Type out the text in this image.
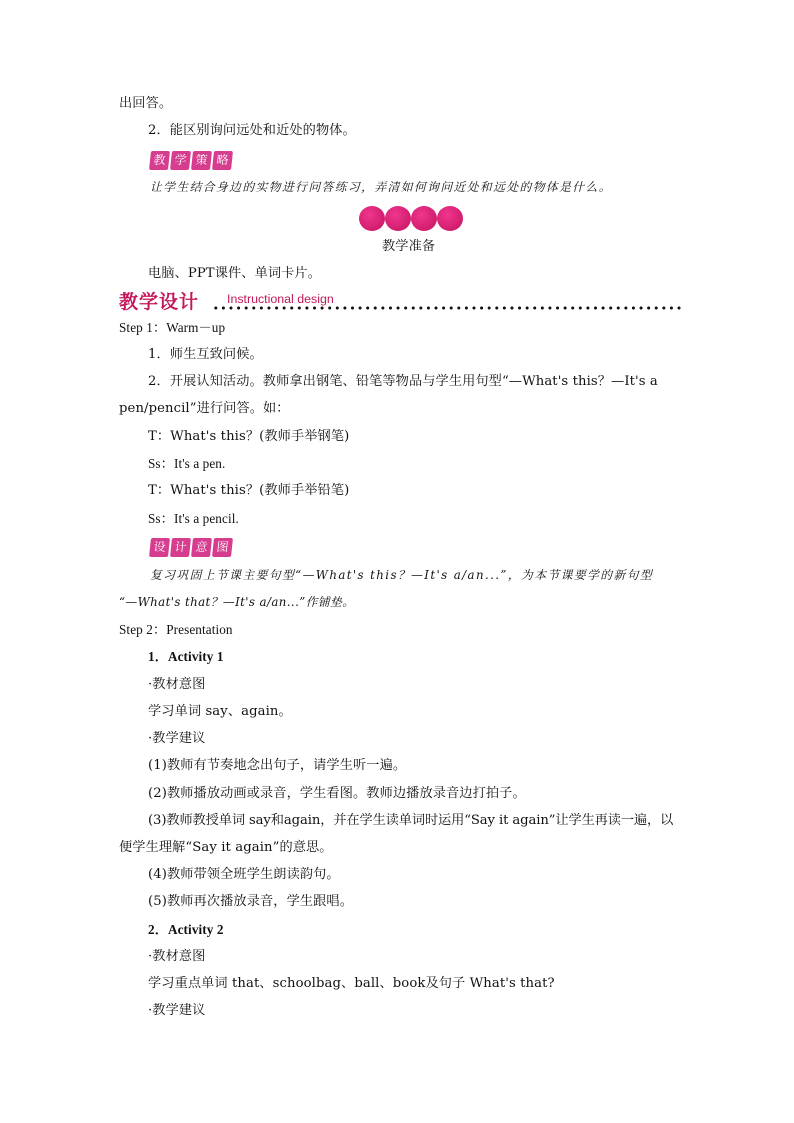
出回答。
2．能区别询问远处和近处的物体。
教 学 策 略
让学生结合身边的实物进行问答练习，弄清如何询问近处和远处的物体是什么。
教学准备
电脑、PPT课件、单词卡片。
教学设计 Instructional design
Step 1：Warm－up
1．师生互致问候。
2．开展认知活动。教师拿出钢笔、铅笔等物品与学生用句型“—What's this？—It's a
pen/pencil”进行问答。如：
T：What's this？(教师手举钢笔)
Ss：It's a pen.
T：What's this？(教师手举铅笔)
Ss：It's a pencil.
设 计 意 图
复习巩固上节课主要句型“—What's this？—It's a/an...”，为本节课要学的新句型
“—What's that？—It's a/an...”作铺垫。
Step 2：Presentation
1．Activity 1
·教材意图
学习单词 say、again。
·教学建议
(1)教师有节奏地念出句子，请学生听一遍。
(2)教师播放动画或录音，学生看图。教师边播放录音边打拍子。
(3)教师教授单词 say和again，并在学生读单词时运用“Say it again”让学生再读一遍，以
便学生理解“Say it again”的意思。
(4)教师带领全班学生朗读韵句。
(5)教师再次播放录音，学生跟唱。
2．Activity 2
·教材意图
学习重点单词 that、schoolbag、ball、book及句子 What's that?
·教学建议
